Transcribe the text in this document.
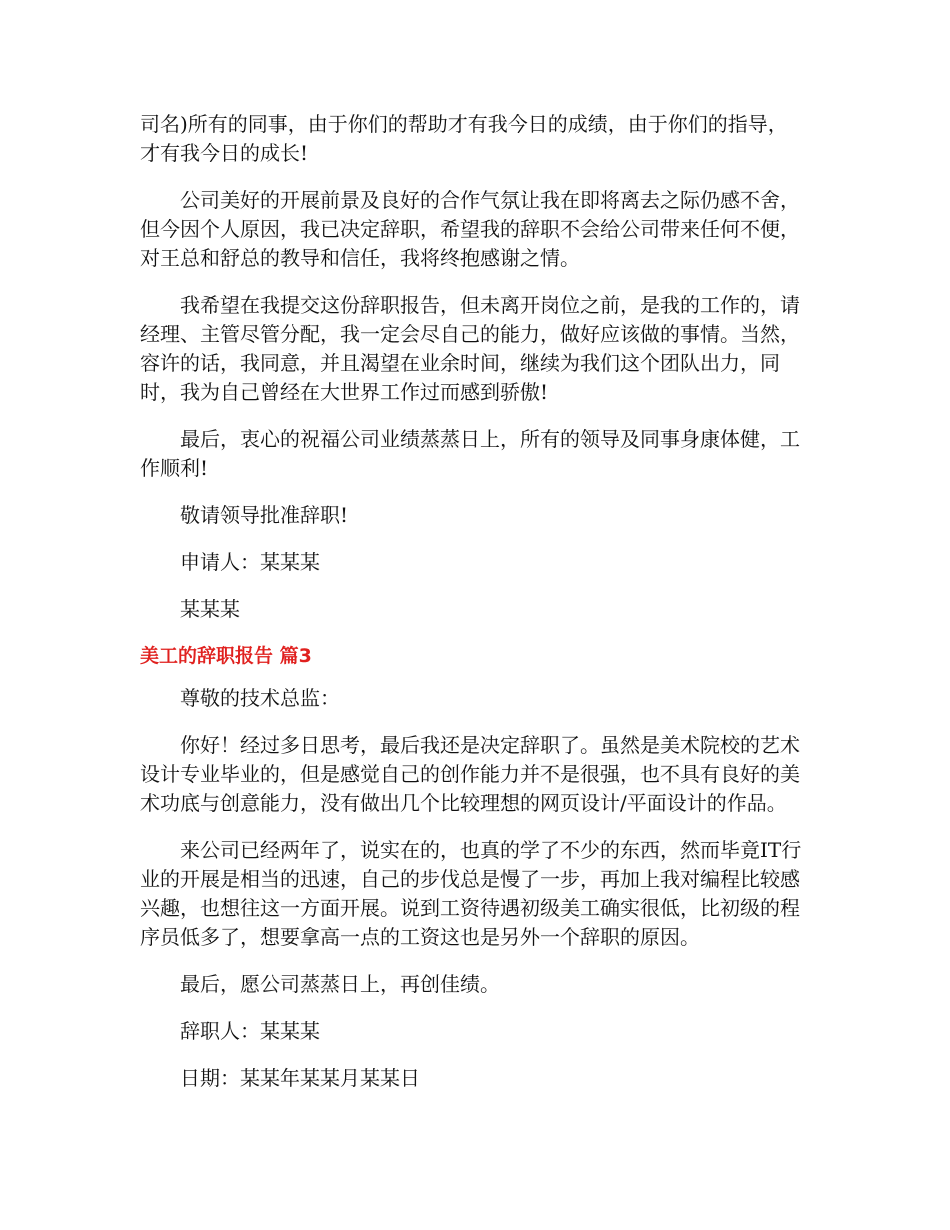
司名)所有的同事，由于你们的帮助才有我今日的成绩，由于你们的指导，才有我今日的成长!

公司美好的开展前景及良好的合作气氛让我在即将离去之际仍感不舍，但今因个人原因，我已决定辞职，希望我的辞职不会给公司带来任何不便，对王总和舒总的教导和信任，我将终抱感谢之情。

我希望在我提交这份辞职报告，但未离开岗位之前，是我的工作的，请经理、主管尽管分配，我一定会尽自己的能力，做好应该做的事情。当然，容许的话，我同意，并且渴望在业余时间，继续为我们这个团队出力，同时，我为自己曾经在大世界工作过而感到骄傲!

最后，衷心的祝福公司业绩蒸蒸日上，所有的领导及同事身康体健，工作顺利!

敬请领导批准辞职!

申请人：某某某

某某某

美工的辞职报告 篇3

尊敬的技术总监：

你好！经过多日思考，最后我还是决定辞职了。虽然是美术院校的艺术设计专业毕业的，但是感觉自己的创作能力并不是很强，也不具有良好的美术功底与创意能力，没有做出几个比较理想的网页设计/平面设计的作品。

来公司已经两年了，说实在的，也真的学了不少的东西，然而毕竟IT行业的开展是相当的迅速，自己的步伐总是慢了一步，再加上我对编程比较感兴趣，也想往这一方面开展。说到工资待遇初级美工确实很低，比初级的程序员低多了，想要拿高一点的工资这也是另外一个辞职的原因。

最后，愿公司蒸蒸日上，再创佳绩。

辞职人：某某某

日期：某某年某某月某某日
